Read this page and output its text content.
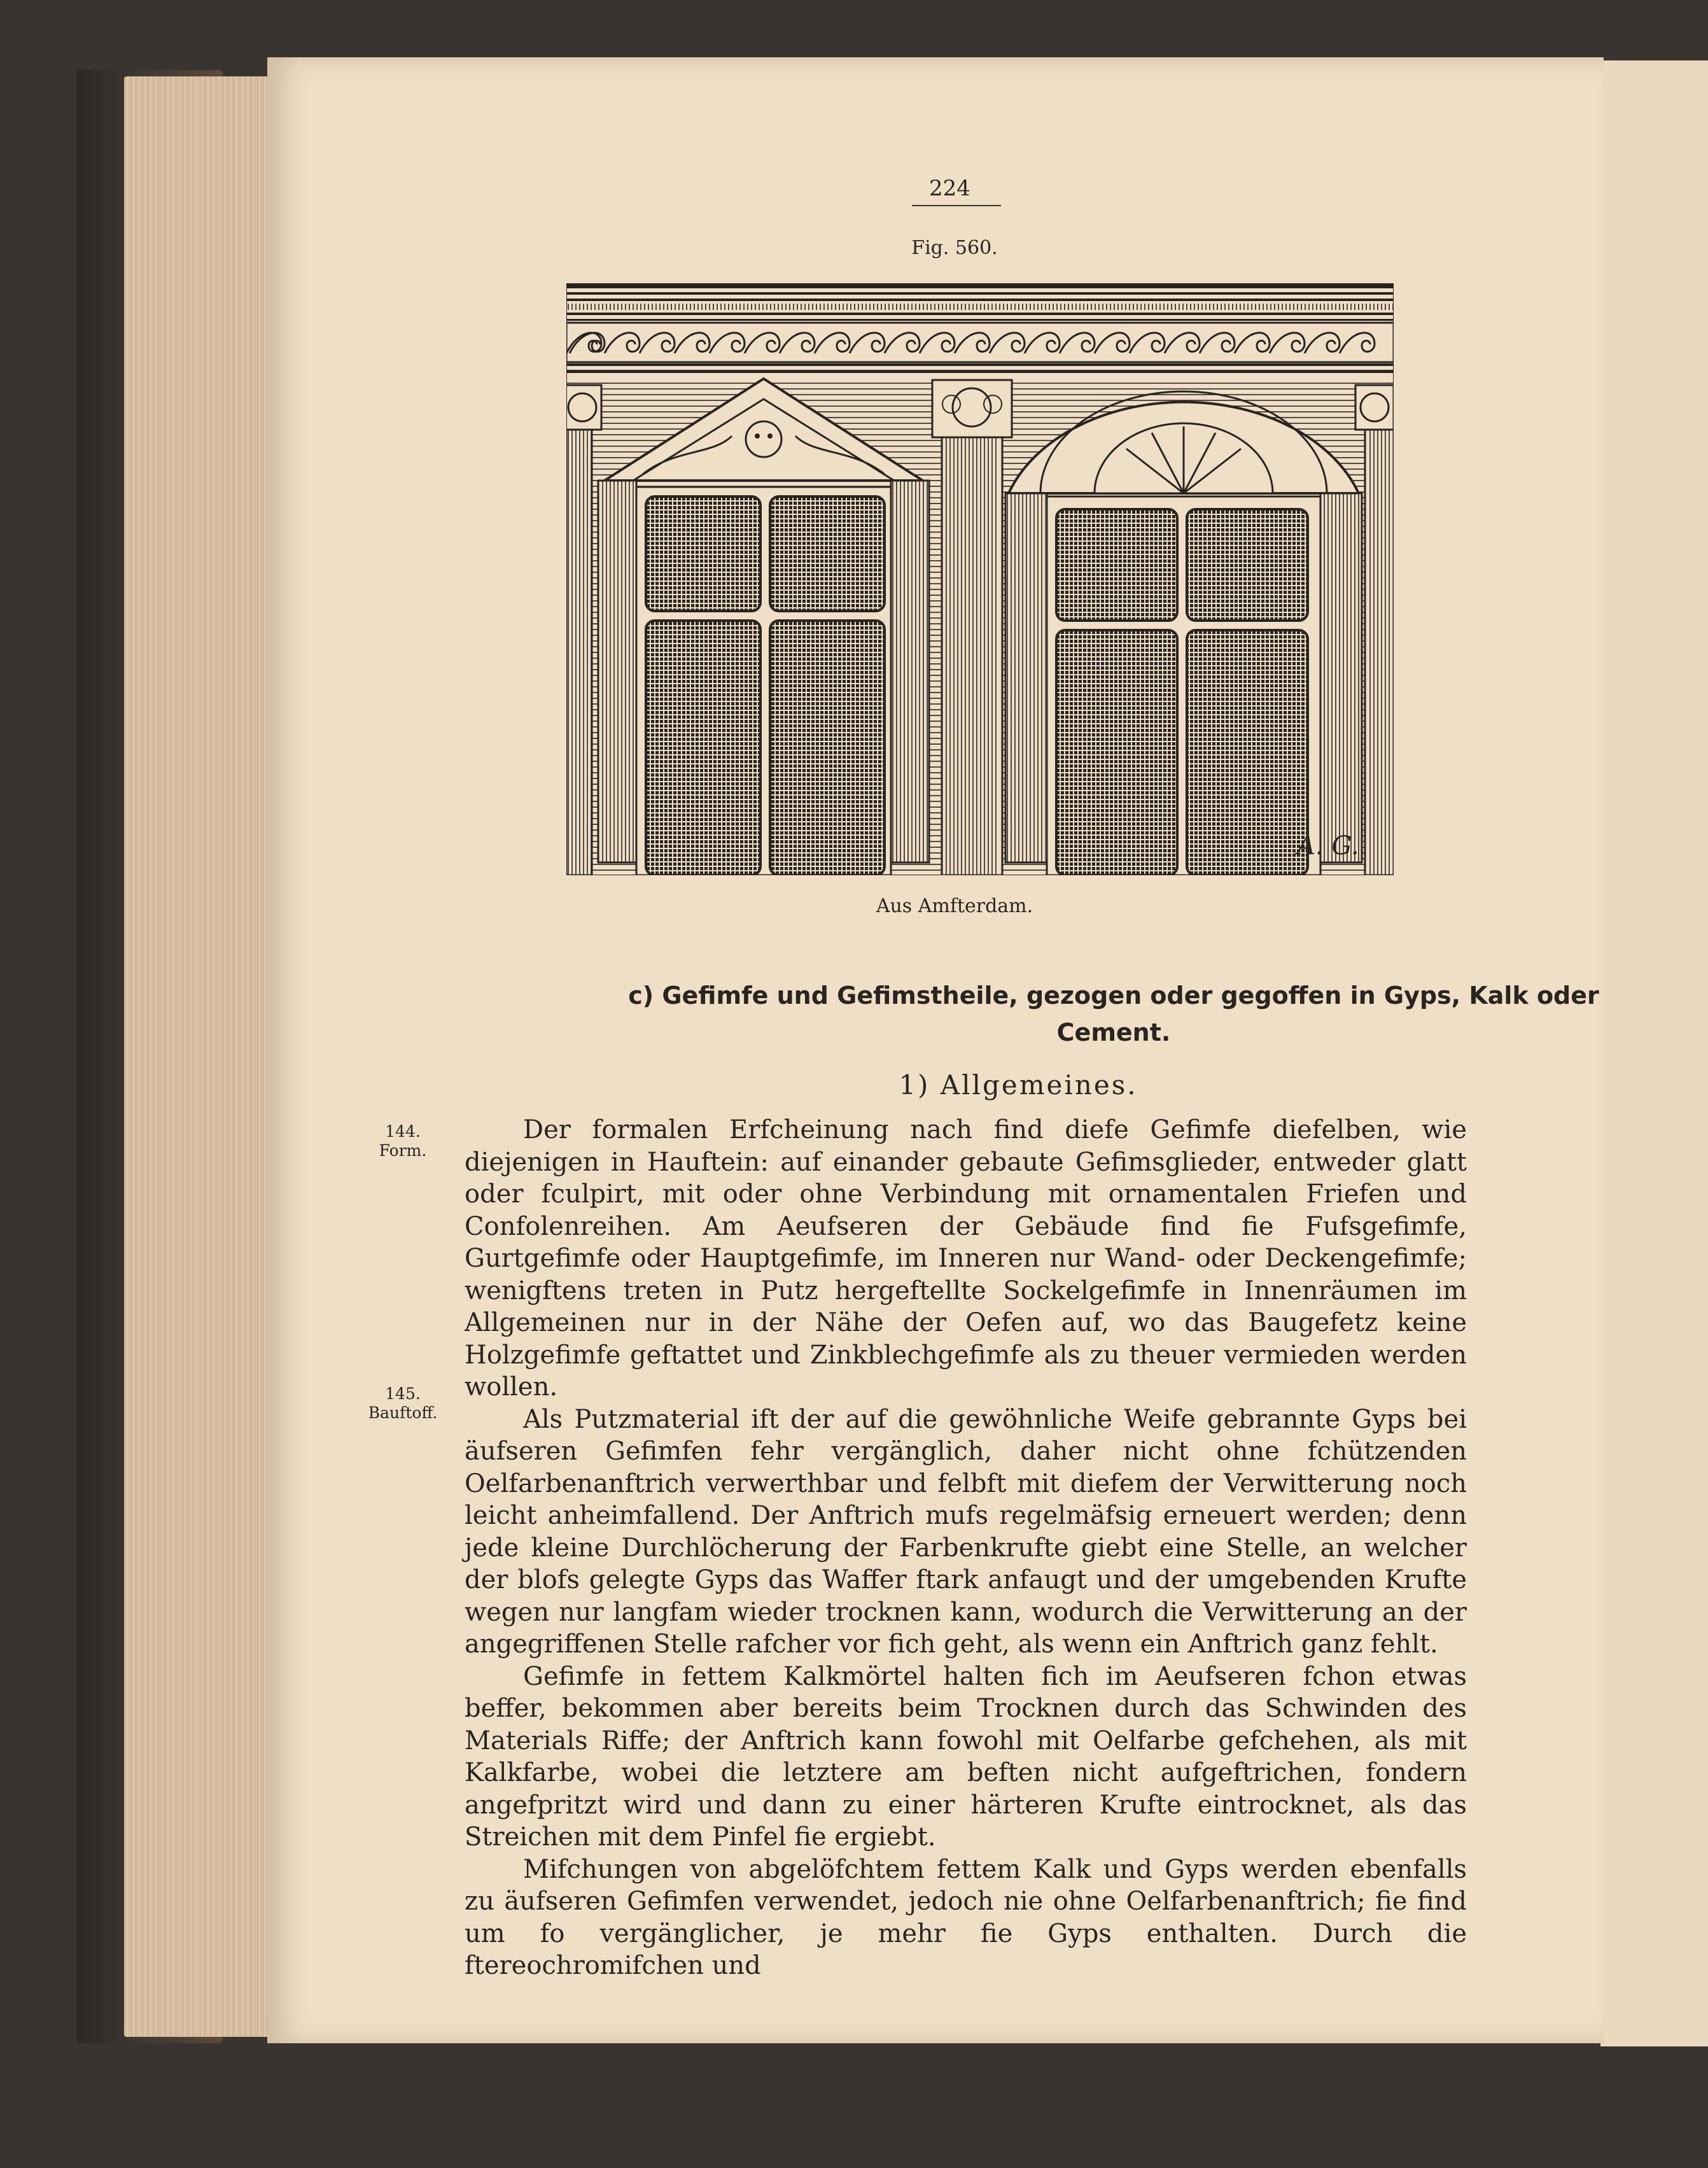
224
Fig. 560.
A. G.
Aus Amfterdam.
c) Gefimfe und Gefimstheile, gezogen oder gegoffen in Gyps, Kalk oder
Cement.
1) Allgemeines.
144.
Form.
145.
Bauftoff.

Der formalen Erfcheinung nach find diefe Gefimfe diefelben, wie diejenigen in Hauftein: auf einander gebaute Gefimsglieder, entweder glatt oder fculpirt, mit oder ohne Verbindung mit ornamentalen Friefen und Confolenreihen. Am Aeufseren der Gebäude find fie Fufsgefimfe, Gurtgefimfe oder Hauptgefimfe, im Inneren nur Wand- oder Deckengefimfe; wenigftens treten in Putz hergeftellte Sockelgefimfe in Innenräumen im Allgemeinen nur in der Nähe der Oefen auf, wo das Baugefetz keine Holzgefimfe geftattet und Zinkblechgefimfe als zu theuer vermieden werden wollen.

Als Putzmaterial ift der auf die gewöhnliche Weife gebrannte Gyps bei äufseren Gefimfen fehr vergänglich, daher nicht ohne fchützenden Oelfarbenanftrich verwerthbar und felbft mit diefem der Verwitterung noch leicht anheimfallend. Der Anftrich mufs regelmäfsig erneuert werden; denn jede kleine Durchlöcherung der Farbenkrufte giebt eine Stelle, an welcher der blofs gelegte Gyps das Waffer ftark anfaugt und der umgebenden Krufte wegen nur langfam wieder trocknen kann, wodurch die Verwitterung an der angegriffenen Stelle rafcher vor fich geht, als wenn ein Anftrich ganz fehlt.

Gefimfe in fettem Kalkmörtel halten fich im Aeufseren fchon etwas beffer, bekommen aber bereits beim Trocknen durch das Schwinden des Materials Riffe; der Anftrich kann fowohl mit Oelfarbe gefchehen, als mit Kalkfarbe, wobei die letztere am beften nicht aufgeftrichen, fondern angefpritzt wird und dann zu einer härteren Krufte eintrocknet, als das Streichen mit dem Pinfel fie ergiebt.

Mifchungen von abgelöfchtem fettem Kalk und Gyps werden ebenfalls zu äufseren Gefimfen verwendet, jedoch nie ohne Oelfarbenanftrich; fie find um fo vergänglicher, je mehr fie Gyps enthalten. Durch die ftereochromifchen und
